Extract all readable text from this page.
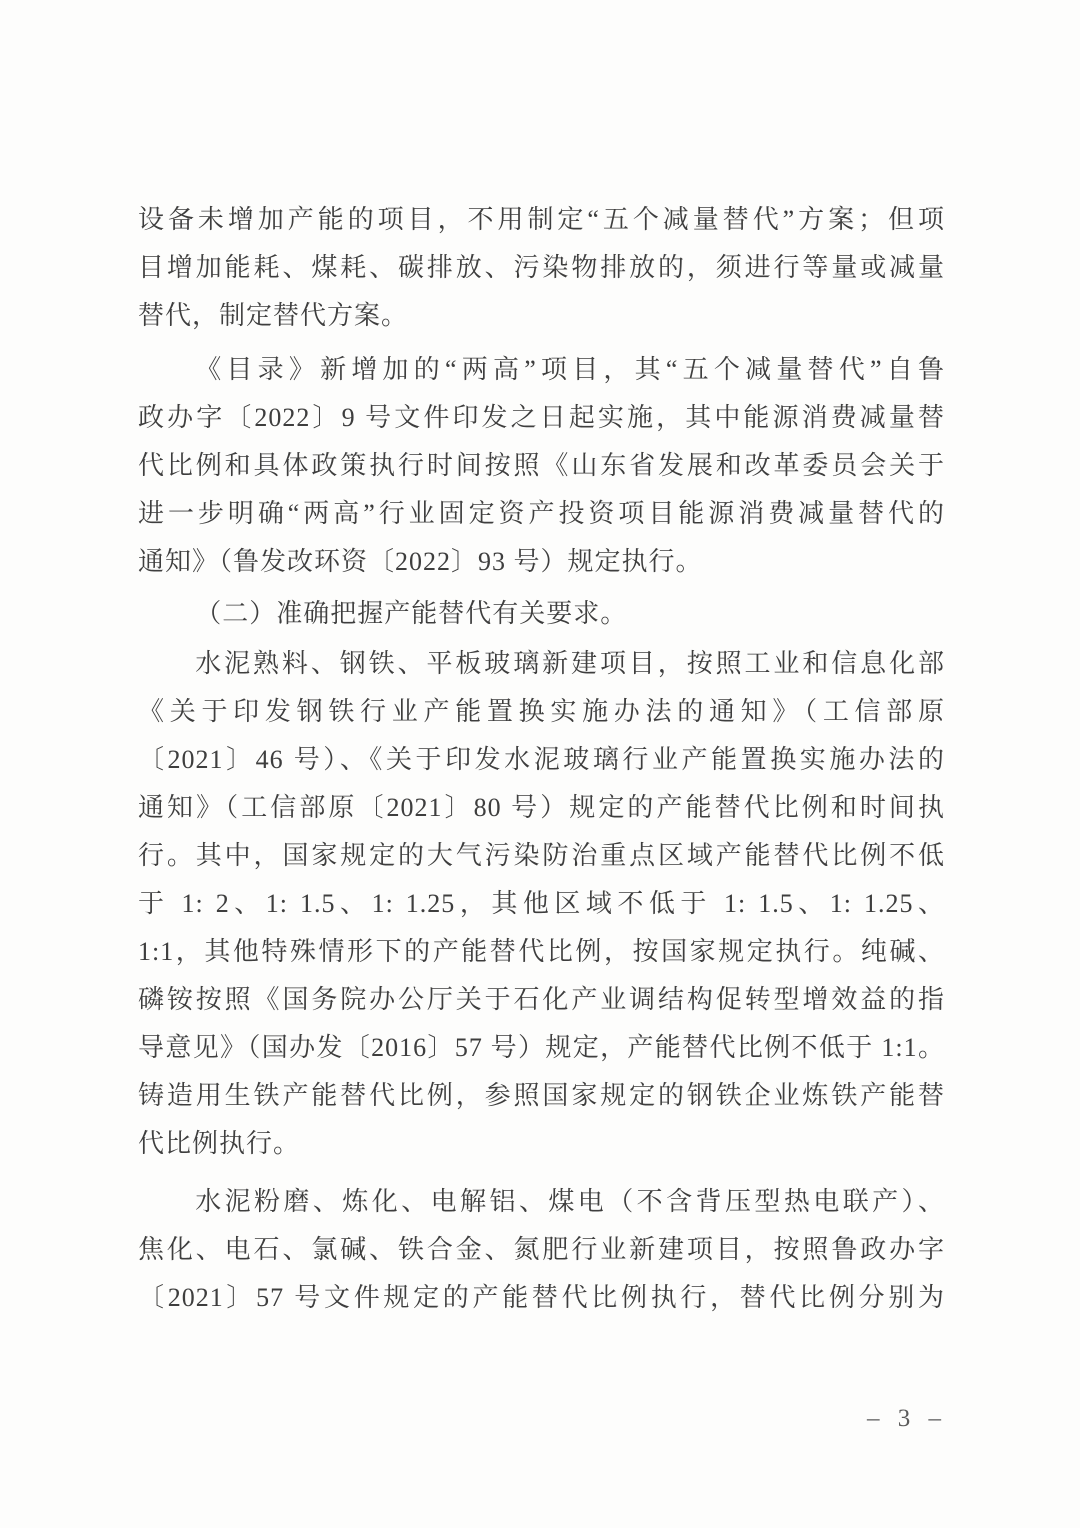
设备未增加产能的项目，不用制定“五个减量替代”方案；但项
目增加能耗、煤耗、碳排放、污染物排放的，须进行等量或减量
替代，制定替代方案。

《目录》新增加的“两高”项目，其“五个减量替代”自鲁
政办字〔2022〕9 号文件印发之日起实施，其中能源消费减量替
代比例和具体政策执行时间按照《山东省发展和改革委员会关于
进一步明确“两高”行业固定资产投资项目能源消费减量替代的
通知》（鲁发改环资〔2022〕93 号）规定执行。

（二）准确把握产能替代有关要求。

水泥熟料、钢铁、平板玻璃新建项目，按照工业和信息化部
《关于印发钢铁行业产能置换实施办法的通知》（工信部原
〔2021〕46 号）、《关于印发水泥玻璃行业产能置换实施办法的
通知》（工信部原〔2021〕80 号）规定的产能替代比例和时间执
行。其中，国家规定的大气污染防治重点区域产能替代比例不低
于 1: 2、1: 1.5、1: 1.25，其他区域不低于 1: 1.5、1: 1.25、
1:1，其他特殊情形下的产能替代比例，按国家规定执行。纯碱、
磷铵按照《国务院办公厅关于石化产业调结构促转型增效益的指
导意见》（国办发〔2016〕57 号）规定，产能替代比例不低于 1:1。
铸造用生铁产能替代比例，参照国家规定的钢铁企业炼铁产能替
代比例执行。

水泥粉磨、炼化、电解铝、煤电（不含背压型热电联产）、
焦化、电石、氯碱、铁合金、氮肥行业新建项目，按照鲁政办字
〔2021〕57 号文件规定的产能替代比例执行，替代比例分别为

– 3 –
